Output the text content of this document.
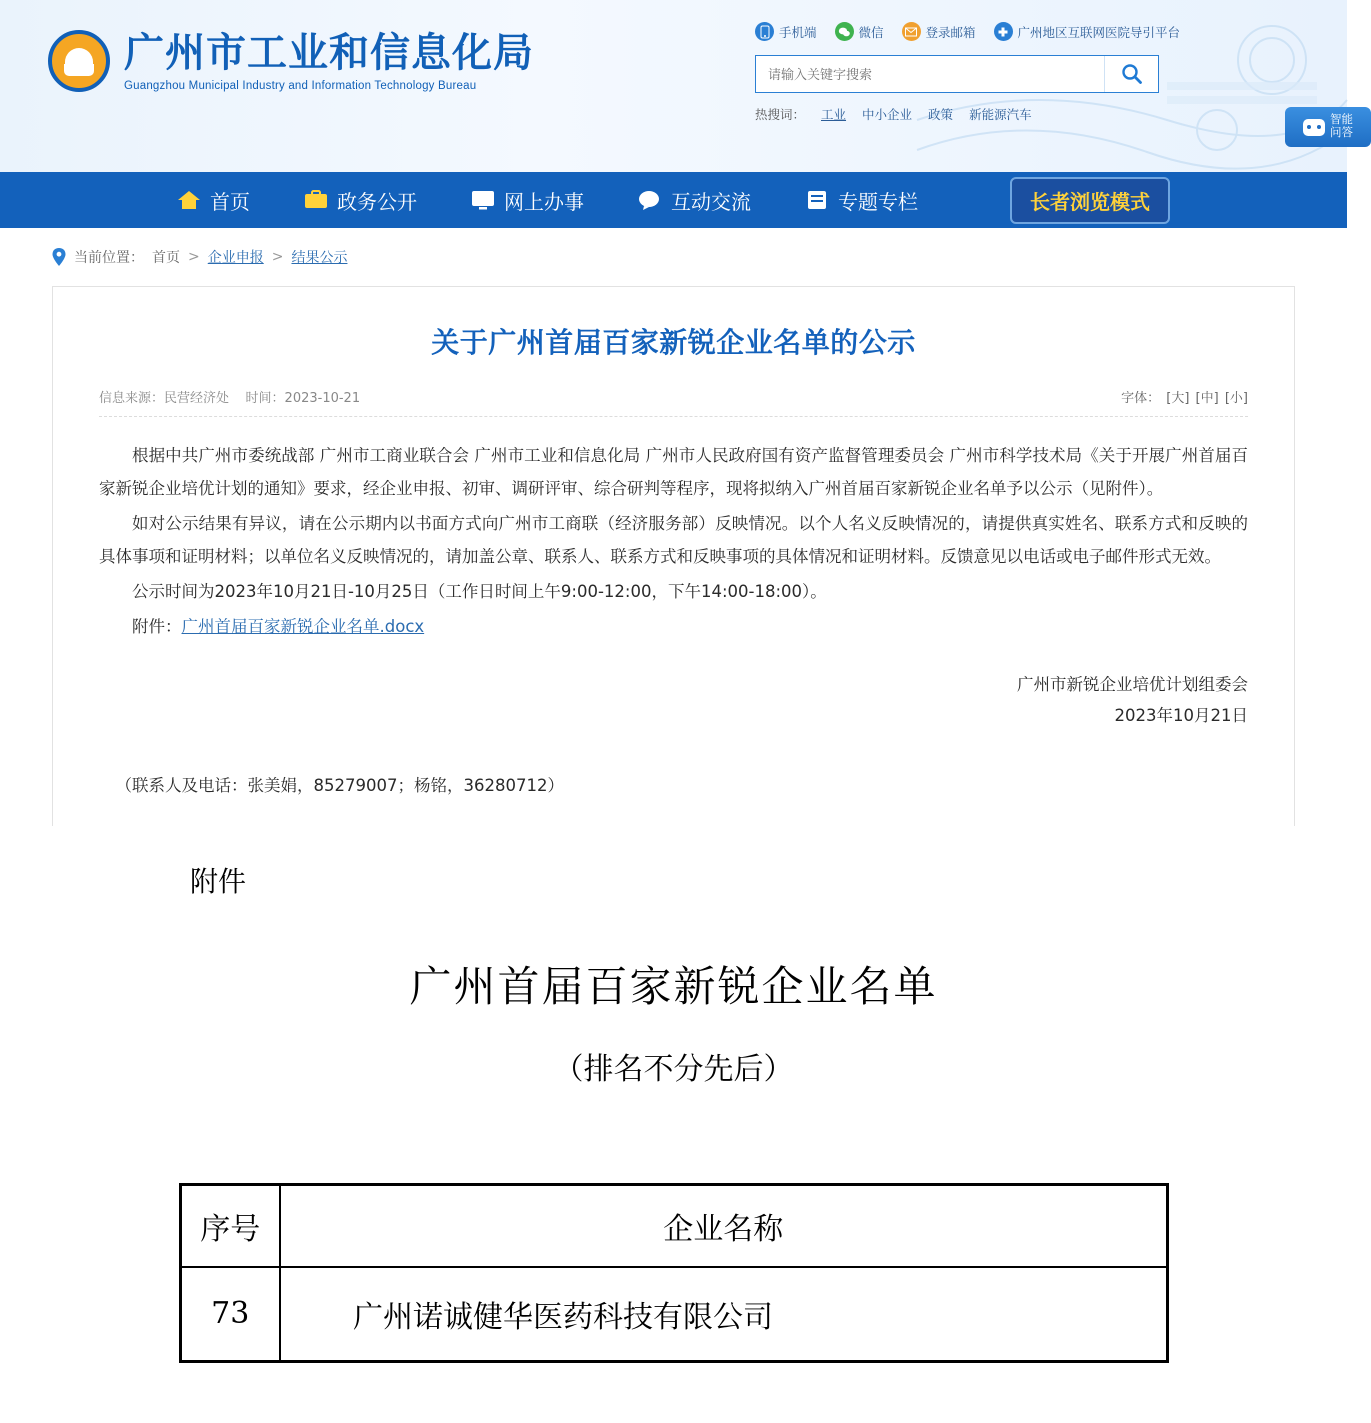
广州市工业和信息化局
Guangzhou Municipal Industry and Information Technology Bureau
手机端	微信	登录邮箱	广州地区互联网医院导引平台
请输入关键字搜索
智能
问答
热搜词： 工业 中小企业 政策 新能源汽车
首页	政务公开	网上办事	互动交流	专题专栏	长者浏览模式
当前位置： 首页 > 企业申报 > 结果公示
关于广州首届百家新锐企业名单的公示
信息来源：民营经济处 时间：2023-10-21	字体： [大] [中] [小]

根据中共广州市委统战部 广州市工商业联合会 广州市工业和信息化局 广州市人民政府国有资产监督管理委员会 广州市科学技术局《关于开展广州首届百家新锐企业培优计划的通知》要求，经企业申报、初审、调研评审、综合研判等程序，现将拟纳入广州首届百家新锐企业名单予以公示（见附件）。

如对公示结果有异议，请在公示期内以书面方式向广州市工商联（经济服务部）反映情况。以个人名义反映情况的，请提供真实姓名、联系方式和反映的具体事项和证明材料；以单位名义反映情况的，请加盖公章、联系人、联系方式和反映事项的具体情况和证明材料。反馈意见以电话或电子邮件形式无效。

公示时间为2023年10月21日-10月25日（工作日时间上午9:00-12:00，下午14:00-18:00）。

附件：广州首届百家新锐企业名单.docx

广州市新锐企业培优计划组委会
2023年10月21日
（联系人及电话：张美娟，85279007；杨铭，36280712）
附件
广州首届百家新锐企业名单
（排名不分先后）
序号	企业名称
73	广州诺诚健华医药科技有限公司
